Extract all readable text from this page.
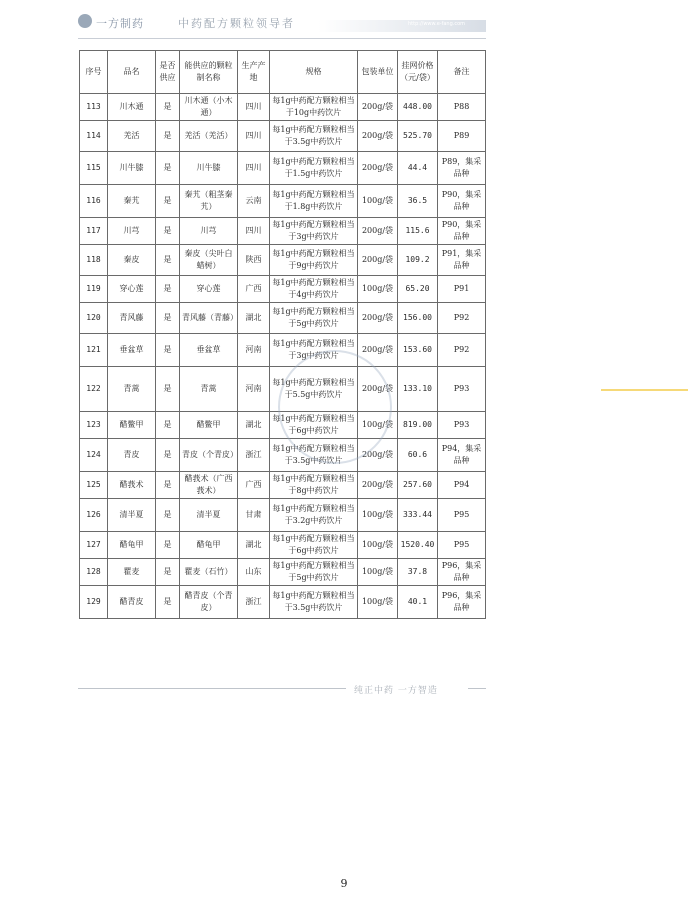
一方制药	中药配方颗粒领导者	http://www.e-fang.com
序号	品名	是否供应	能供应的颗粒制名称	生产产地	规格	包装单位	挂网价格（元/袋）	备注
113	川木通	是	川木通（小木通）	四川	每1g中药配方颗粒相当于10g中药饮片	200g/袋	448.00	P88
114	羌活	是	羌活（羌活）	四川	每1g中药配方颗粒相当于3.5g中药饮片	200g/袋	525.70	P89
115	川牛膝	是	川牛膝	四川	每1g中药配方颗粒相当于1.5g中药饮片	200g/袋	44.4	P89，集采品种
116	秦艽	是	秦艽（粗茎秦艽）	云南	每1g中药配方颗粒相当于1.8g中药饮片	100g/袋	36.5	P90，集采品种
117	川芎	是	川芎	四川	每1g中药配方颗粒相当于3g中药饮片	200g/袋	115.6	P90，集采品种
118	秦皮	是	秦皮（尖叶白蜡树）	陕西	每1g中药配方颗粒相当于9g中药饮片	200g/袋	109.2	P91，集采品种
119	穿心莲	是	穿心莲	广西	每1g中药配方颗粒相当于4g中药饮片	100g/袋	65.20	P91
120	青风藤	是	青风藤（青藤）	湖北	每1g中药配方颗粒相当于5g中药饮片	200g/袋	156.00	P92
121	垂盆草	是	垂盆草	河南	每1g中药配方颗粒相当于3g中药饮片	200g/袋	153.60	P92
122	青蒿	是	青蒿	河南	每1g中药配方颗粒相当于5.5g中药饮片	200g/袋	133.10	P93
123	醋鳖甲	是	醋鳖甲	湖北	每1g中药配方颗粒相当于6g中药饮片	100g/袋	819.00	P93
124	青皮	是	青皮（个青皮）	浙江	每1g中药配方颗粒相当于3.5g中药饮片	200g/袋	60.6	P94，集采品种
125	醋莪术	是	醋莪术（广西莪术）	广西	每1g中药配方颗粒相当于8g中药饮片	200g/袋	257.60	P94
126	清半夏	是	清半夏	甘肃	每1g中药配方颗粒相当于3.2g中药饮片	100g/袋	333.44	P95
127	醋龟甲	是	醋龟甲	湖北	每1g中药配方颗粒相当于6g中药饮片	100g/袋	1520.40	P95
128	瞿麦	是	瞿麦（石竹）	山东	每1g中药配方颗粒相当于5g中药饮片	100g/袋	37.8	P96，集采品种
129	醋青皮	是	醋青皮（个青皮）	浙江	每1g中药配方颗粒相当于3.5g中药饮片	100g/袋	40.1	P96，集采品种
纯正中药 一方智造
9
